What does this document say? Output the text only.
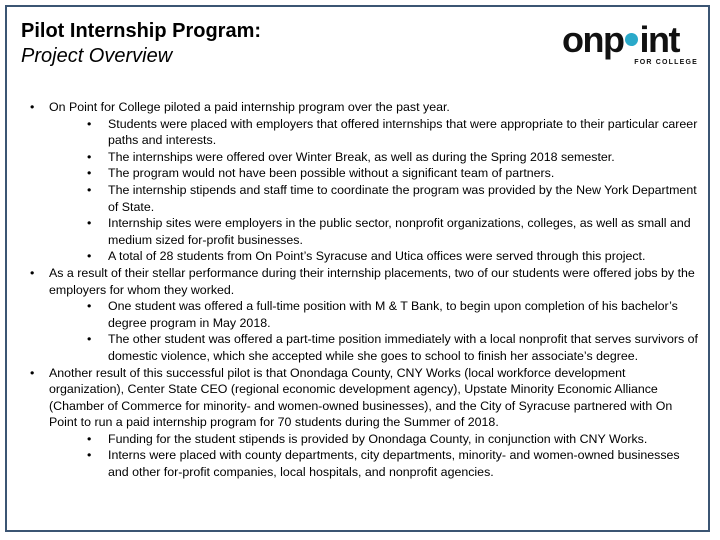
Pilot Internship Program:
Project Overview	onp int
FOR COLLEGE
• On Point for College piloted a paid internship program over the past year.
• Students were placed with employers that offered internships that were appropriate to their particular career paths and interests.
• The internships were offered over Winter Break, as well as during the Spring 2018 semester.
• The program would not have been possible without a significant team of partners.
• The internship stipends and staff time to coordinate the program was provided by the New York Department of State.
• Internship sites were employers in the public sector, nonprofit organizations, colleges, as well as small and medium sized for-profit businesses.
• A total of 28 students from On Point’s Syracuse and Utica offices were served through this project.
• As a result of their stellar performance during their internship placements, two of our students were offered jobs by the employers for whom they worked.
• One student was offered a full-time position with M & T Bank, to begin upon completion of his bachelor’s degree program in May 2018.
• The other student was offered a part-time position immediately with a local nonprofit that serves survivors of domestic violence, which she accepted while she goes to school to finish her associate’s degree.
• Another result of this successful pilot is that Onondaga County, CNY Works (local workforce development organization), Center State CEO (regional economic development agency), Upstate Minority Economic Alliance (Chamber of Commerce for minority- and women-owned businesses), and the City of Syracuse partnered with On Point to run a paid internship program for 70 students during the Summer of 2018.
• Funding for the student stipends is provided by Onondaga County, in conjunction with CNY Works.
• Interns were placed with county departments, city departments, minority- and women-owned businesses and other for-profit companies, local hospitals, and nonprofit agencies.
